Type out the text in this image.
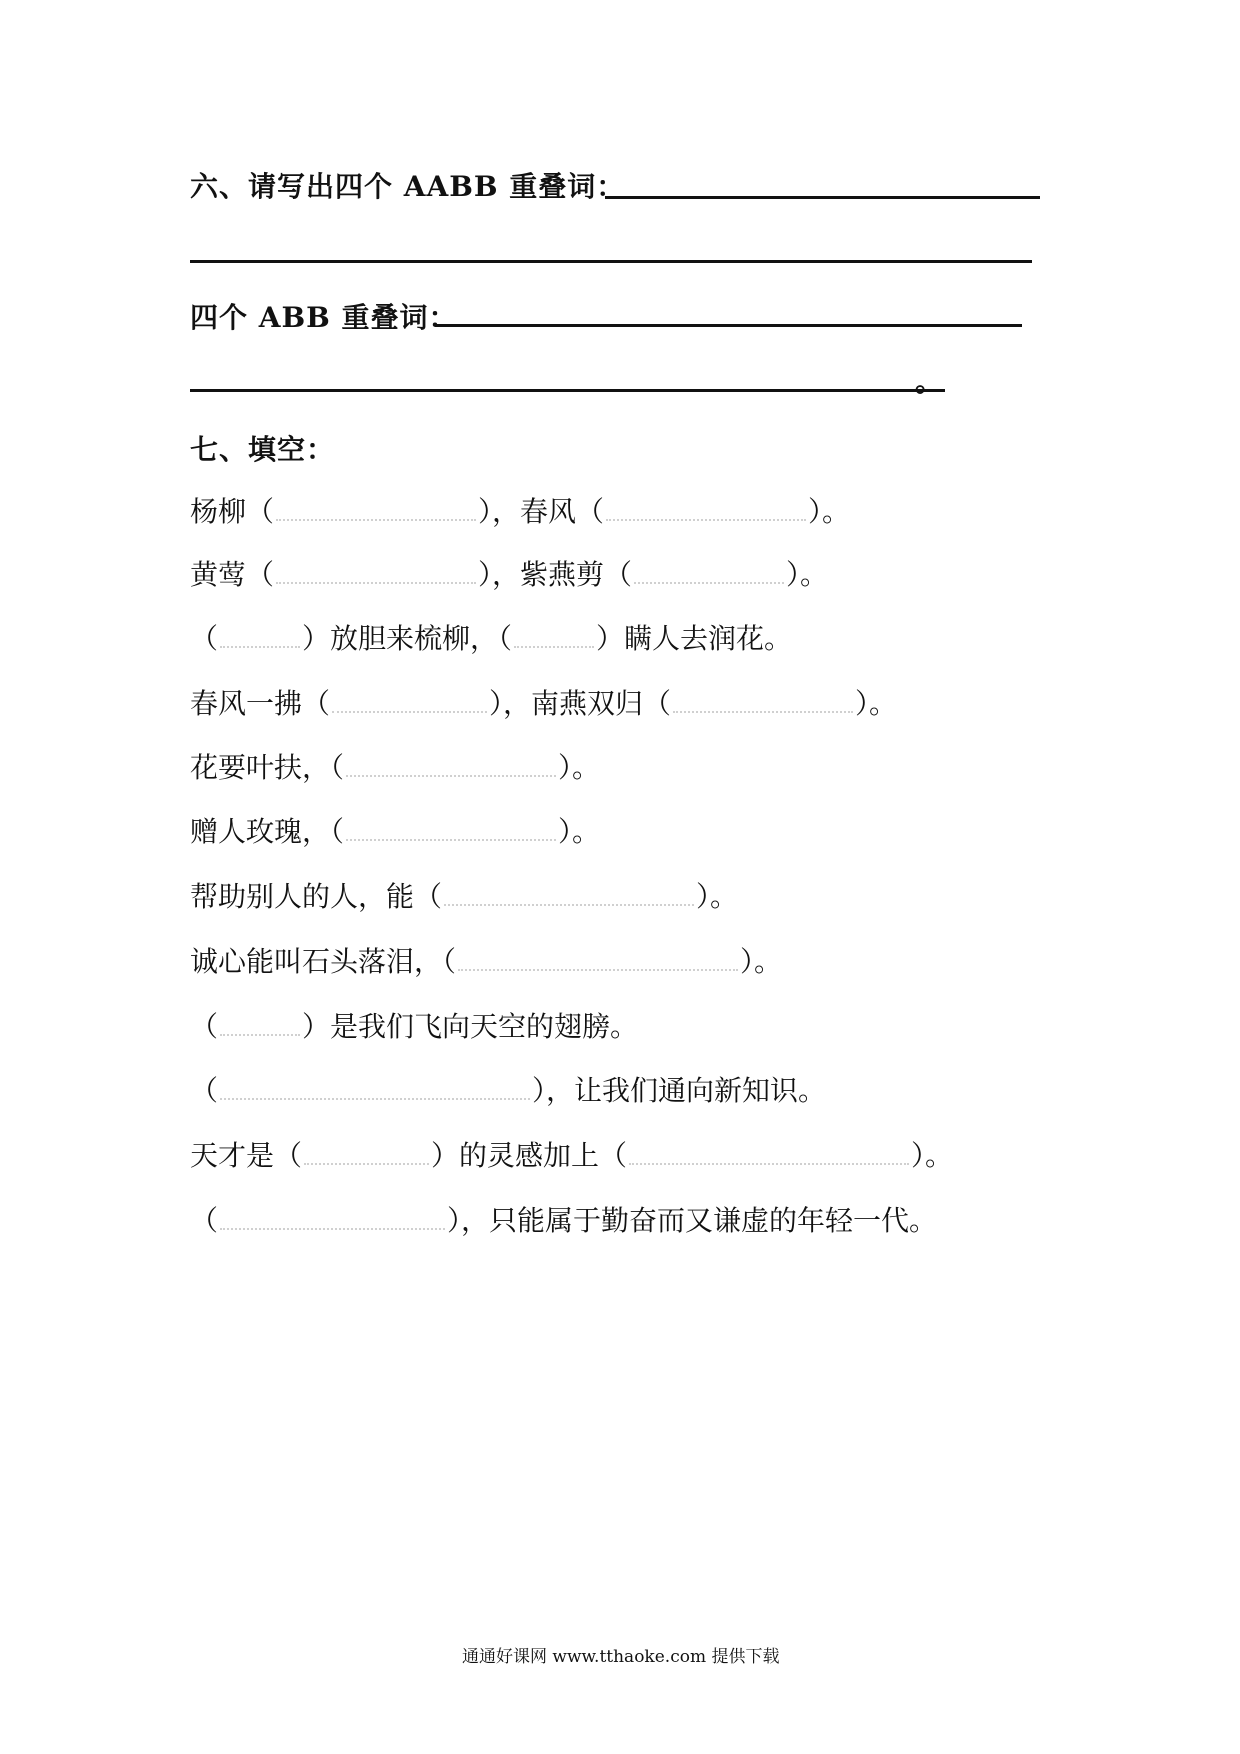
六、请写出四个 AABB 重叠词：
四个 ABB 重叠词：
。
七、填空：
杨柳（	），春风（	）。
黄莺（	），紫燕剪（	）。
（	）放胆来梳柳，（	）瞒人去润花。
春风一拂（	），南燕双归（	）。
花要叶扶，（	）。
赠人玫瑰，（	）。
帮助别人的人，能（	）。
诚心能叫石头落泪，（	）。
（	）是我们飞向天空的翅膀。
（	），让我们通向新知识。
天才是（	）的灵感加上（	）。
（	），只能属于勤奋而又谦虚的年轻一代。
通通好课网 www.tthaoke.com 提供下载
